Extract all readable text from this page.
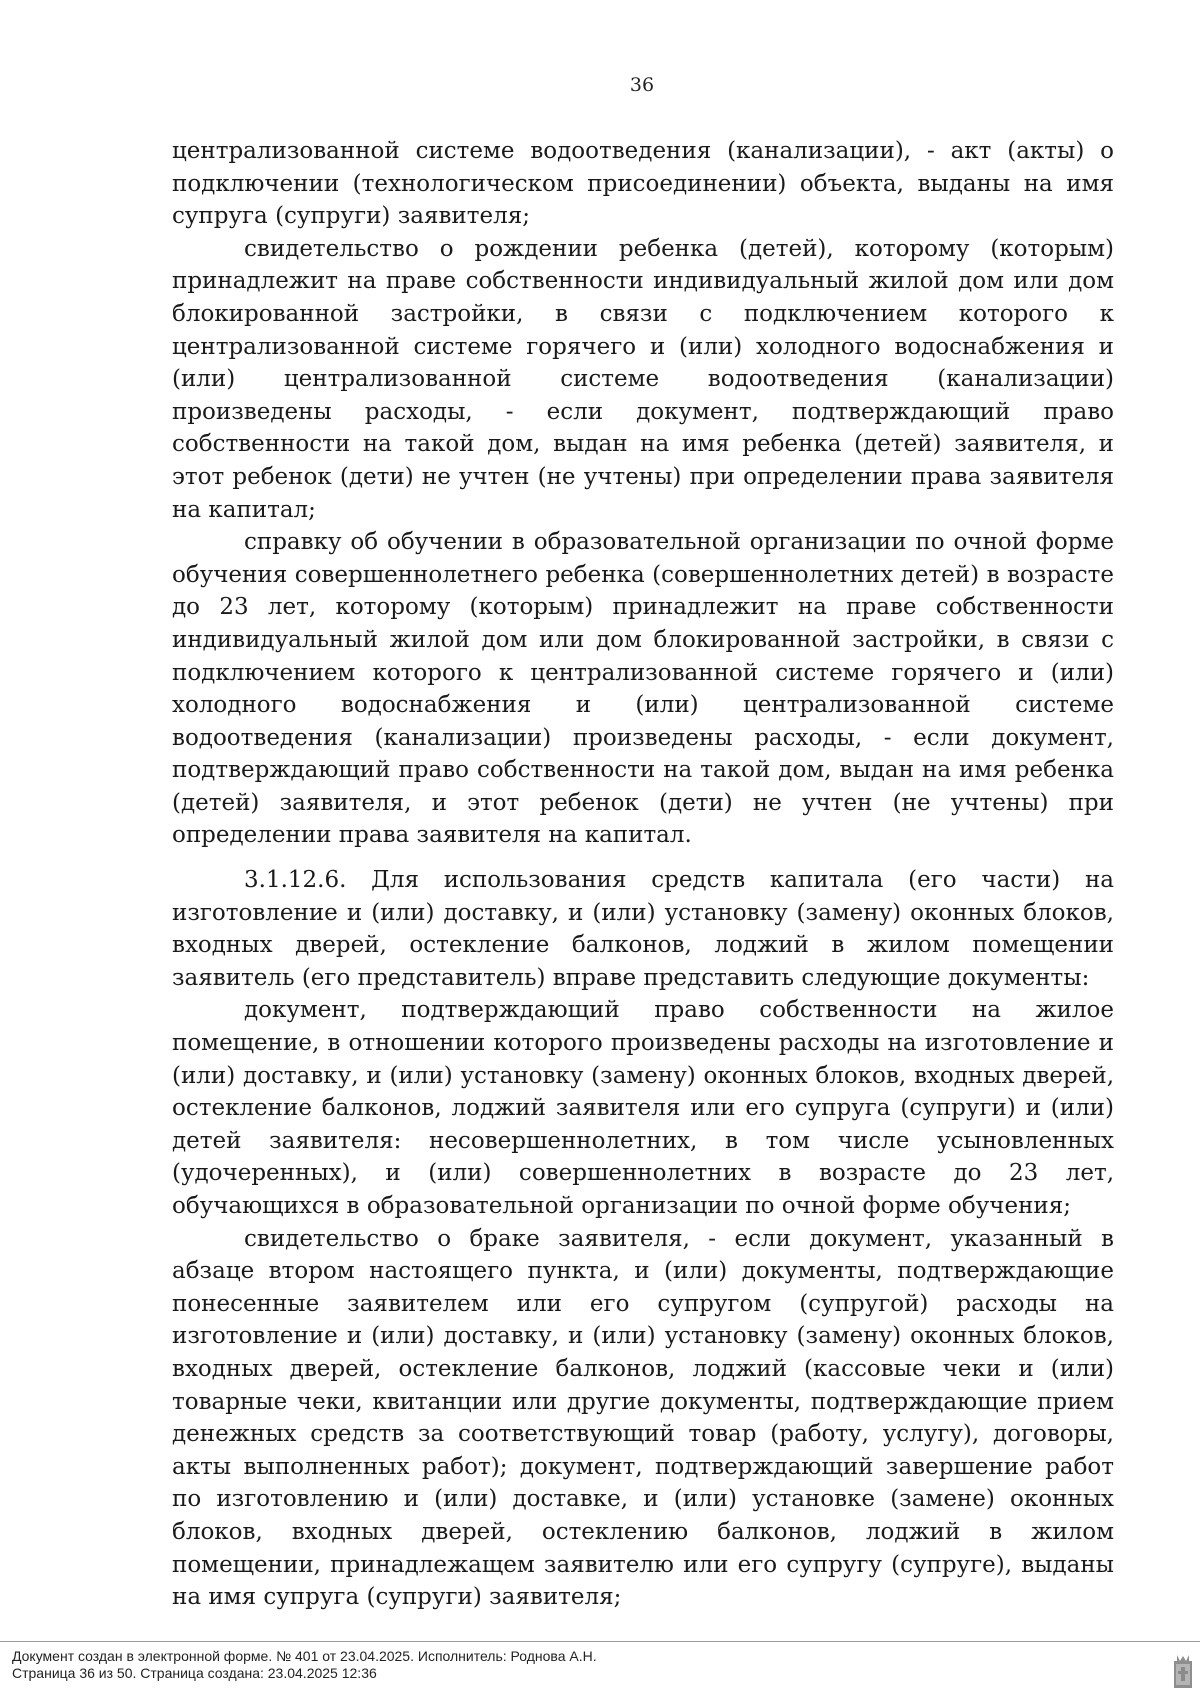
36

централизованной системе водоотведения (канализации), - акт (акты) о подключении (технологическом присоединении) объекта, выданы на имя супруга (супруги) заявителя;

свидетельство о рождении ребенка (детей), которому (которым) принадлежит на праве собственности индивидуальный жилой дом или дом блокированной застройки, в связи с подключением которого к централизованной системе горячего и (или) холодного водоснабжения и (или) централизованной системе водоотведения (канализации) произведены расходы, - если документ, подтверждающий право собственности на такой дом, выдан на имя ребенка (детей) заявителя, и этот ребенок (дети) не учтен (не учтены) при определении права заявителя на капитал;

справку об обучении в образовательной организации по очной форме обучения совершеннолетнего ребенка (совершеннолетних детей) в возрасте до 23 лет, которому (которым) принадлежит на праве собственности индивидуальный жилой дом или дом блокированной застройки, в связи с подключением которого к централизованной системе горячего и (или) холодного водоснабжения и (или) централизованной системе водоотведения (канализации) произведены расходы, - если документ, подтверждающий право собственности на такой дом, выдан на имя ребенка (детей) заявителя, и этот ребенок (дети) не учтен (не учтены) при определении права заявителя на капитал.

3.1.12.6. Для использования средств капитала (его части) на изготовление и (или) доставку, и (или) установку (замену) оконных блоков, входных дверей, остекление балконов, лоджий в жилом помещении заявитель (его представитель) вправе представить следующие документы:

документ, подтверждающий право собственности на жилое помещение, в отношении которого произведены расходы на изготовление и (или) доставку, и (или) установку (замену) оконных блоков, входных дверей, остекление балконов, лоджий заявителя или его супруга (супруги) и (или) детей заявителя: несовершеннолетних, в том числе усыновленных (удочеренных), и (или) совершеннолетних в возрасте до 23 лет, обучающихся в образовательной организации по очной форме обучения;

свидетельство о браке заявителя, - если документ, указанный в абзаце втором настоящего пункта, и (или) документы, подтверждающие понесенные заявителем или его супругом (супругой) расходы на изготовление и (или) доставку, и (или) установку (замену) оконных блоков, входных дверей, остекление балконов, лоджий (кассовые чеки и (или) товарные чеки, квитанции или другие документы, подтверждающие прием денежных средств за соответствующий товар (работу, услугу), договоры, акты выполненных работ); документ, подтверждающий завершение работ по изготовлению и (или) доставке, и (или) установке (замене) оконных блоков, входных дверей, остеклению балконов, лоджий в жилом помещении, принадлежащем заявителю или его супругу (супруге), выданы на имя супруга (супруги) заявителя;

Документ создан в электронной форме. № 401 от 23.04.2025. Исполнитель: Роднова А.Н.
Страница 36 из 50. Страница создана: 23.04.2025 12:36
